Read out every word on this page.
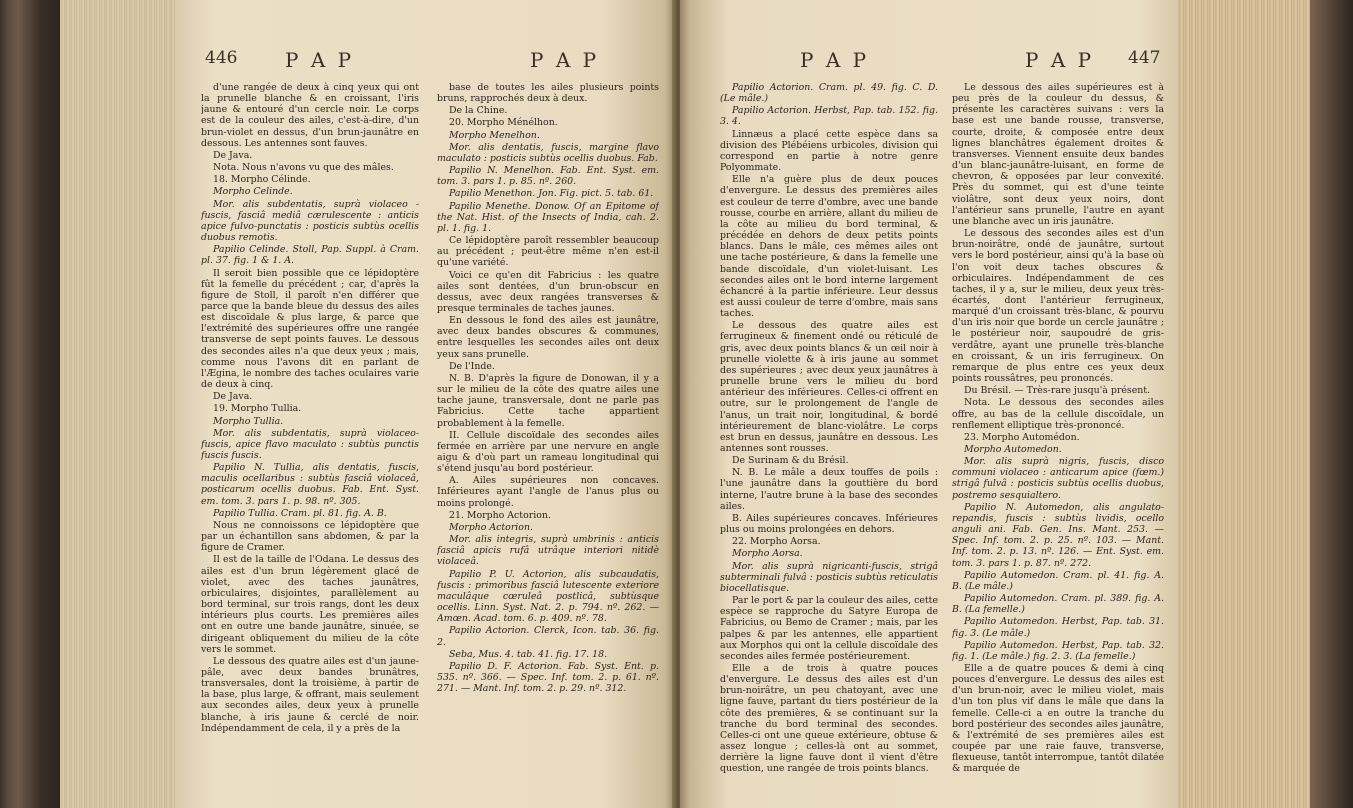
446 P A P	P A P

d'une rangée de deux à cinq yeux qui ont la prunelle blanche & en croissant, l'iris jaune & entouré d'un cercle noir. Le corps est de la couleur des ailes, c'est-à-dire, d'un brun-violet en dessus, d'un brun-jaunâtre en dessous. Les antennes sont fauves.

De Java.

Nota. Nous n'avons vu que des mâles.

18. Morpho Célinde.

Morpho Celinde.

Mor. alis subdentatis, suprà violaceo - fuscis, fasciâ mediâ cærulescente : anticis apice fulvo-punctatis : posticis subtùs ocellis duobus remotis.

Papilio Celinde. Stoll, Pap. Suppl. à Cram. pl. 37. fig. 1 & 1. A.

Il seroit bien possible que ce lépidoptère fût la femelle du précédent ; car, d'après la figure de Stoll, il paroît n'en différer que parce que la bande bleue du dessus des ailes est discoïdale & plus large, & parce que l'extrémité des supérieures offre une rangée transverse de sept points fauves. Le dessous des secondes ailes n'a que deux yeux ; mais, comme nous l'avons dit en parlant de l'Ægina, le nombre des taches oculaires varie de deux à cinq.

De Java.

19. Morpho Tullia.

Morpho Tullia.

Mor. alis subdentatis, suprà violaceo-fuscis, apice flavo maculato : subtùs punctis fuscis fuscis.

Papilio N. Tullia, alis dentatis, fuscis, maculis ocellaribus : subtùs fasciâ violaceâ, posticarum ocellis duobus. Fab. Ent. Syst. em. tom. 3. pars 1. p. 98. nº. 305.

Papilio Tullia. Cram. pl. 81. fig. A. B.

Nous ne connoissons ce lépidoptère que par un échantillon sans abdomen, & par la figure de Cramer.

Il est de la taille de l'Odana. Le dessus des ailes est d'un brun légèrement glacé de violet, avec des taches jaunâtres, orbiculaires, disjointes, parallèlement au bord terminal, sur trois rangs, dont les deux intérieurs plus courts. Les premières ailes ont en outre une bande jaunâtre, sinuée, se dirigeant obliquement du milieu de la côte vers le sommet.

Le dessous des quatre ailes est d'un jaune-pâle, avec deux bandes brunâtres, transversales, dont la troisième, à partir de la base, plus large, & offrant, mais seulement aux secondes ailes, deux yeux à prunelle blanche, à iris jaune & cerclé de noir. Indépendamment de cela, il y a près de la

base de toutes les ailes plusieurs points bruns, rapprochés deux à deux.

De la Chine.

20. Morpho Ménélhon.

Morpho Menelhon.

Mor. alis dentatis, fuscis, margine flavo maculato : posticis subtùs ocellis duobus. Fab.

Papilio N. Menelhon. Fab. Ent. Syst. em. tom. 3. pars 1. p. 85. nº. 260.

Papilio Menethon. Jon. Fig. pict. 5. tab. 61.

Papilio Menethe. Donow. Of an Epitome of the Nat. Hist. of the Insects of India, cah. 2. pl. 1. fig. 1.

Ce lépidoptère paroît ressembler beaucoup au précédent ; peut-être même n'en est-il qu'une variété.

Voici ce qu'en dit Fabricius : les quatre ailes sont dentées, d'un brun-obscur en dessus, avec deux rangées transverses & presque terminales de taches jaunes.

En dessous le fond des ailes est jaunâtre, avec deux bandes obscures & communes, entre lesquelles les secondes ailes ont deux yeux sans prunelle.

De l'Inde.

N. B. D'après la figure de Donowan, il y a sur le milieu de la côte des quatre ailes une tache jaune, transversale, dont ne parle pas Fabricius. Cette tache appartient probablement à la femelle.

II. Cellule discoïdale des secondes ailes fermée en arrière par une nervure en angle aigu & d'où part un rameau longitudinal qui s'étend jusqu'au bord postérieur.

A. Ailes supérieures non concaves. Inférieures ayant l'angle de l'anus plus ou moins prolongé.

21. Morpho Actorion.

Morpho Actorion.

Mor. alis integris, suprà umbrinis : anticis fasciâ apicis rufâ utrâque interiori nitidè violaceâ.

Papilio P. U. Actorion, alis subcaudatis, fuscis : primoribus fasciâ lutescente exteriore maculâque cœruleâ postlicâ, subtùsque ocellis. Linn. Syst. Nat. 2. p. 794. nº. 262. — Amœn. Acad. tom. 6. p. 409. nº. 78.

Papilio Actorion. Clerck, Icon. tab. 36. fig. 2.

Seba, Mus. 4. tab. 41. fig. 17. 18.

Papilio D. F. Actorion. Fab. Syst. Ent. p. 535. nº. 366. — Spec. Inf. tom. 2. p. 61. nº. 271. — Mant. Inf. tom. 2. p. 29. nº. 312.

P A P	P A P 447

Papilio Actorion. Cram. pl. 49. fig. C. D. (Le mâle.)

Papilio Actorion. Herbst, Pap. tab. 152. fig. 3. 4.

Linnæus a placé cette espèce dans sa division des Plébéiens urbicoles, division qui correspond en partie à notre genre Polyommate.

Elle n'a guère plus de deux pouces d'envergure. Le dessus des premières ailes est couleur de terre d'ombre, avec une bande rousse, courbe en arrière, allant du milieu de la côte au milieu du bord terminal, & précédée en dehors de deux petits points blancs. Dans le mâle, ces mêmes ailes ont une tache postérieure, & dans la femelle une bande discoïdale, d'un violet-luisant. Les secondes ailes ont le bord interne largement échancré à la partie inférieure. Leur dessus est aussi couleur de terre d'ombre, mais sans taches.

Le dessous des quatre ailes est ferrugineux & finement ondé ou réticulé de gris, avec deux points blancs & un œil noir à prunelle violette & à iris jaune au sommet des supérieures ; avec deux yeux jaunâtres à prunelle brune vers le milieu du bord antérieur des inférieures. Celles-ci offrent en outre, sur le prolongement de l'angle de l'anus, un trait noir, longitudinal, & bordé intérieurement de blanc-violâtre. Le corps est brun en dessus, jaunâtre en dessous. Les antennes sont rousses.

De Surinam & du Brésil.

N. B. Le mâle a deux touffes de poils : l'une jaunâtre dans la gouttière du bord interne, l'autre brune à la base des secondes ailes.

B. Ailes supérieures concaves. Inférieures plus ou moins prolongées en dehors.

22. Morpho Aorsa.

Morpho Aorsa.

Mor. alis suprà nigricanti-fuscis, strigâ subterminali fulvâ : posticis subtùs reticulatis biocellatisque.

Par le port & par la couleur des ailes, cette espèce se rapproche du Satyre Europa de Fabricius, ou Bemo de Cramer ; mais, par les palpes & par les antennes, elle appartient aux Morphos qui ont la cellule discoïdale des secondes ailes fermée postérieurement.

Elle a de trois à quatre pouces d'envergure. Le dessus des ailes est d'un brun-noirâtre, un peu chatoyant, avec une ligne fauve, partant du tiers postérieur de la côte des premières, & se continuant sur la tranche du bord terminal des secondes. Celles-ci ont une queue extérieure, obtuse & assez longue ; celles-là ont au sommet, derrière la ligne fauve dont il vient d'être question, une rangée de trois points blancs.

Le dessous des ailes supérieures est à peu près de la couleur du dessus, & présente les caractères suivans : vers la base est une bande rousse, transverse, courte, droite, & composée entre deux lignes blanchâtres également droites & transverses. Viennent ensuite deux bandes d'un blanc-jaunâtre-luisant, en forme de chevron, & opposées par leur convexité. Près du sommet, qui est d'une teinte violâtre, sont deux yeux noirs, dont l'antérieur sans prunelle, l'autre en ayant une blanche avec un iris jaunâtre.

Le dessous des secondes ailes est d'un brun-noirâtre, ondé de jaunâtre, surtout vers le bord postérieur, ainsi qu'à la base où l'on voit deux taches obscures & orbiculaires. Indépendamment de ces taches, il y a, sur le milieu, deux yeux très-écartés, dont l'antérieur ferrugineux, marqué d'un croissant très-blanc, & pourvu d'un iris noir que borde un cercle jaunâtre ; le postérieur noir, saupoudré de gris-verdâtre, ayant une prunelle très-blanche en croissant, & un iris ferrugineux. On remarque de plus entre ces yeux deux points roussâtres, peu prononcés.

Du Brésil. — Très-rare jusqu'à présent.

Nota. Le dessous des secondes ailes offre, au bas de la cellule discoïdale, un renflement elliptique très-prononcé.

23. Morpho Automédon.

Morpho Automedon.

Mor. alis suprà nigris, fuscis, disco communi violaceo : anticarum apice (fœm.) strigâ fulvâ : posticis subtùs ocellis duobus, postremo sesquialtero.

Papilio N. Automedon, alis angulato-repandis, fuscis : subtùs lividis, ocello anguli ani. Fab. Gen. Ins. Mant. 253. — Spec. Inf. tom. 2. p. 25. nº. 103. — Mant. Inf. tom. 2. p. 13. nº. 126. — Ent. Syst. em. tom. 3. pars 1. p. 87. nº. 272.

Papilio Automedon. Cram. pl. 41. fig. A. B. (Le mâle.)

Papilio Automedon. Cram. pl. 389. fig. A. B. (La femelle.)

Papilio Automedon. Herbst, Pap. tab. 31. fig. 3. (Le mâle.)

Papilio Automedon. Herbst, Pap. tab. 32. fig. 1. (Le mâle.) fig. 2. 3. (La femelle.)

Elle a de quatre pouces & demi à cinq pouces d'envergure. Le dessus des ailes est d'un brun-noir, avec le milieu violet, mais d'un ton plus vif dans le mâle que dans la femelle. Celle-ci a en outre la tranche du bord postérieur des secondes ailes jaunâtre, & l'extrémité de ses premières ailes est coupée par une raie fauve, transverse, flexueuse, tantôt interrompue, tantôt dilatée & marquée de
